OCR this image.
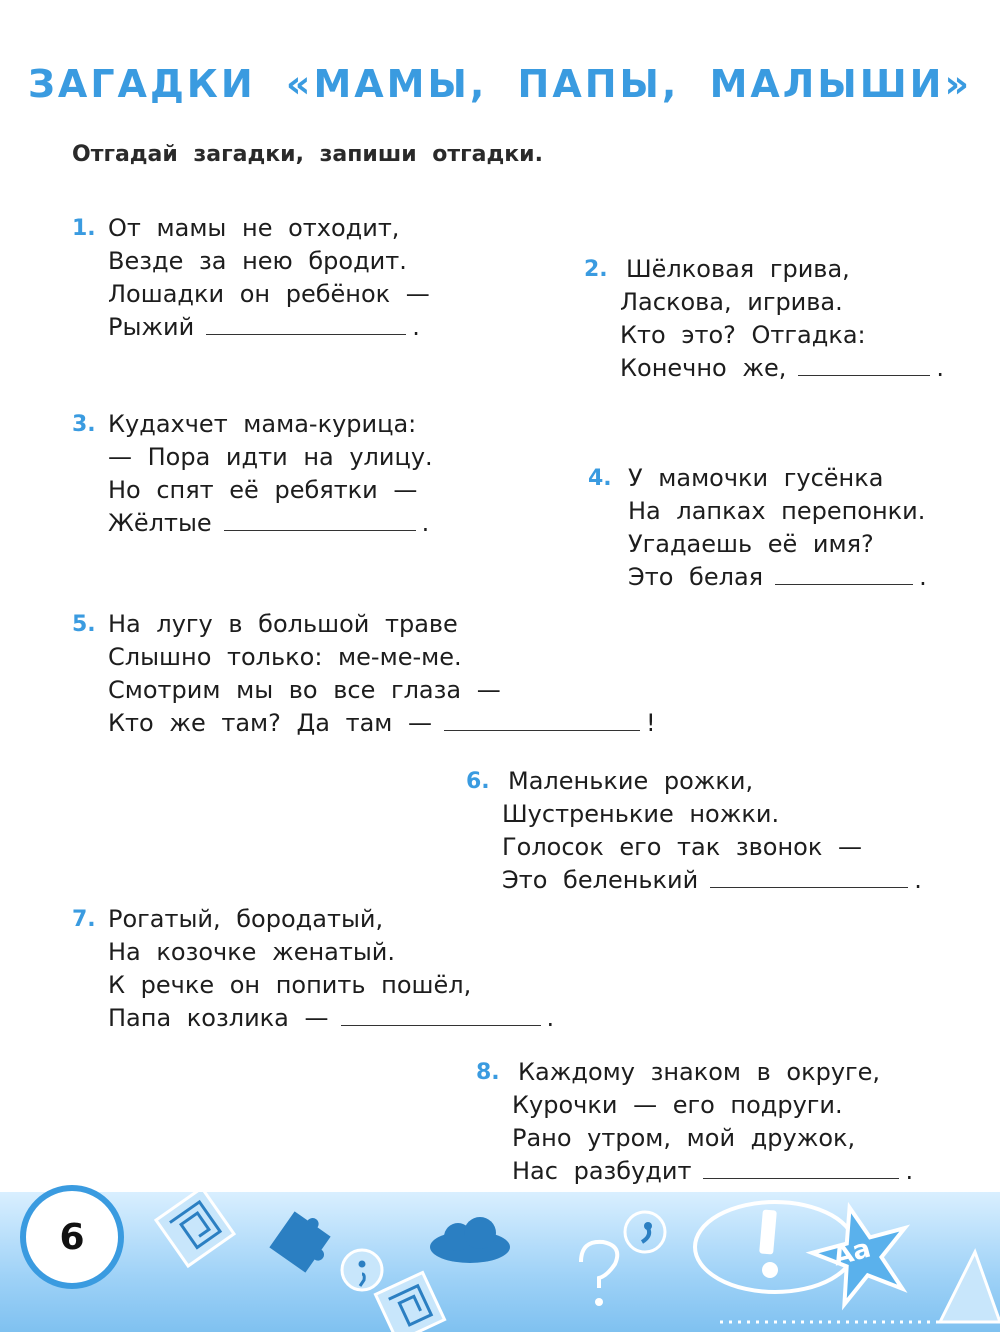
ЗАГАДКИ «МАМЫ, ПАПЫ, МАЛЫШИ»
Отгадай загадки, запиши отгадки.
1. От мамы не отходит,
Везде за нею бродит.
Лошадки он ребёнок —
Рыжий	.
2. Шёлковая грива,
Ласкова, игрива.
Кто это? Отгадка:
Конечно же,	.
3. Кудахчет мама-курица:
— Пора идти на улицу.
Но спят её ребятки —
Жёлтые	.
4. У мамочки гусёнка
На лапках перепонки.
Угадаешь её имя?
Это белая	.
5. На лугу в большой траве
Слышно только: ме-ме-ме.
Смотрим мы во все глаза —
Кто же там? Да там —	!
6. Маленькие рожки,
Шустренькие ножки.
Голосок его так звонок —
Это беленький	.
7. Рогатый, бородатый,
На козочке женатый.
К речке он попить пошёл,
Папа козлика —	.
8. Каждому знаком в округе,
Курочки — его подруги.
Рано утром, мой дружок,
Нас разбудит	.
Aa
6
